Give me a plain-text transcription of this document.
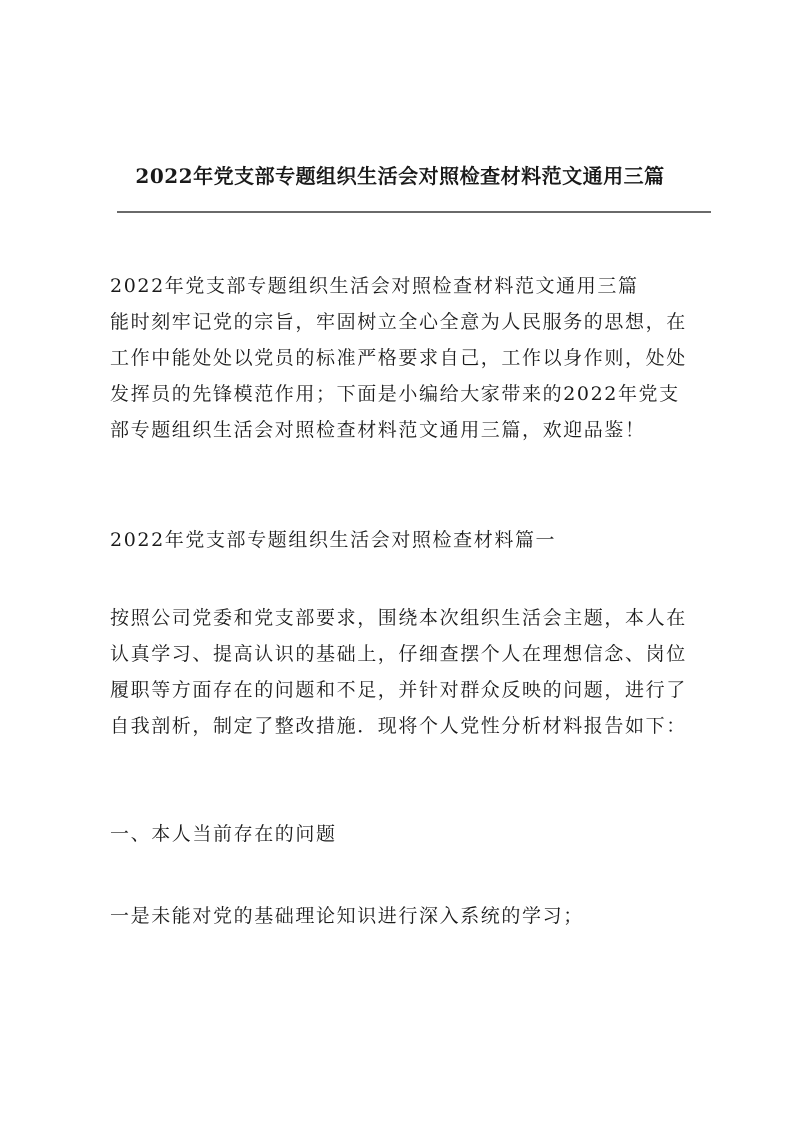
2022年党支部专题组织生活会对照检查材料范文通用三篇
2022年党支部专题组织生活会对照检查材料范文通用三篇
能时刻牢记党的宗旨，牢固树立全心全意为人民服务的思想，在
工作中能处处以党员的标准严格要求自己，工作以身作则，处处
发挥员的先锋模范作用；下面是小编给大家带来的2022年党支
部专题组织生活会对照检查材料范文通用三篇，欢迎品鉴！
2022年党支部专题组织生活会对照检查材料篇一
按照公司党委和党支部要求，围绕本次组织生活会主题，本人在
认真学习、提高认识的基础上，仔细查摆个人在理想信念、岗位
履职等方面存在的问题和不足，并针对群众反映的问题，进行了
自我剖析，制定了整改措施．现将个人党性分析材料报告如下：
一、本人当前存在的问题
一是未能对党的基础理论知识进行深入系统的学习；
